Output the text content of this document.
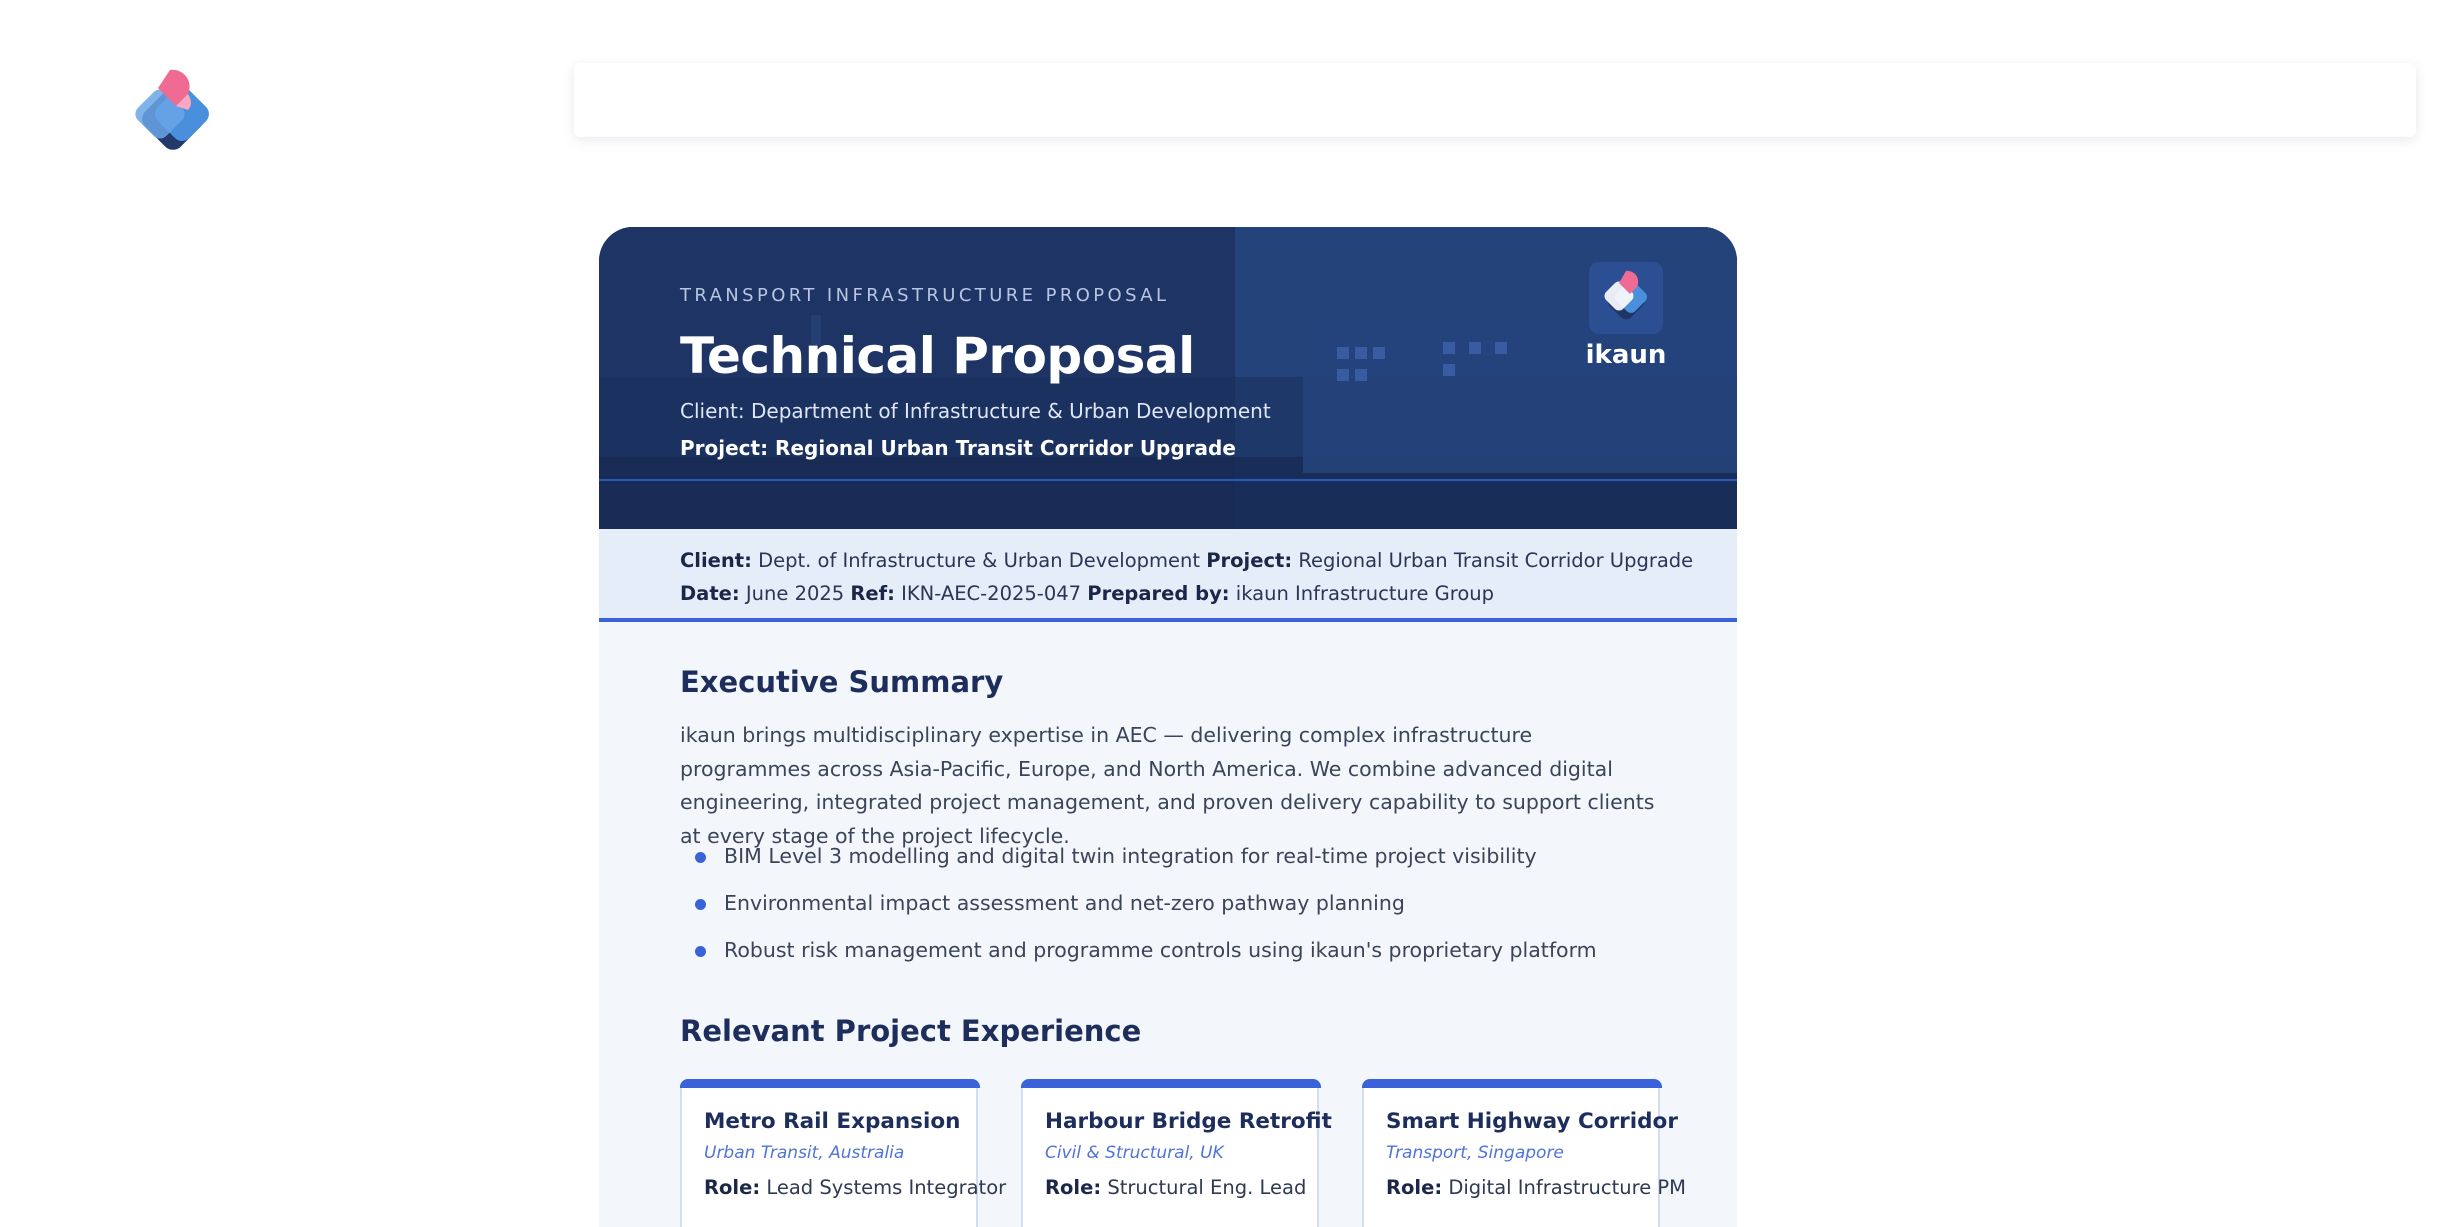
TRANSPORT INFRASTRUCTURE PROPOSAL

Technical Proposal
Client: Department of Infrastructure & Urban Development
Project: Regional Urban Transit Corridor Upgrade
ikaun
Client: Dept. of Infrastructure & Urban Development Project: Regional Urban Transit Corridor Upgrade
Date: June 2025 Ref: IKN-AEC-2025-047 Prepared by: ikaun Infrastructure Group
Executive Summary

ikaun brings multidisciplinary expertise in AEC — delivering complex infrastructure programmes across Asia-Pacific, Europe, and North America. We combine advanced digital engineering, integrated project management, and proven delivery capability to support clients at every stage of the project lifecycle.

BIM Level 3 modelling and digital twin integration for real-time project visibility
Environmental impact assessment and net-zero pathway planning
Robust risk management and programme controls using ikaun's proprietary platform
Relevant Project Experience
Metro Rail Expansion
Urban Transit, Australia
Role: Lead Systems Integrator
Harbour Bridge Retrofit
Civil & Structural, UK
Role: Structural Eng. Lead
Smart Highway Corridor
Transport, Singapore
Role: Digital Infrastructure PM
